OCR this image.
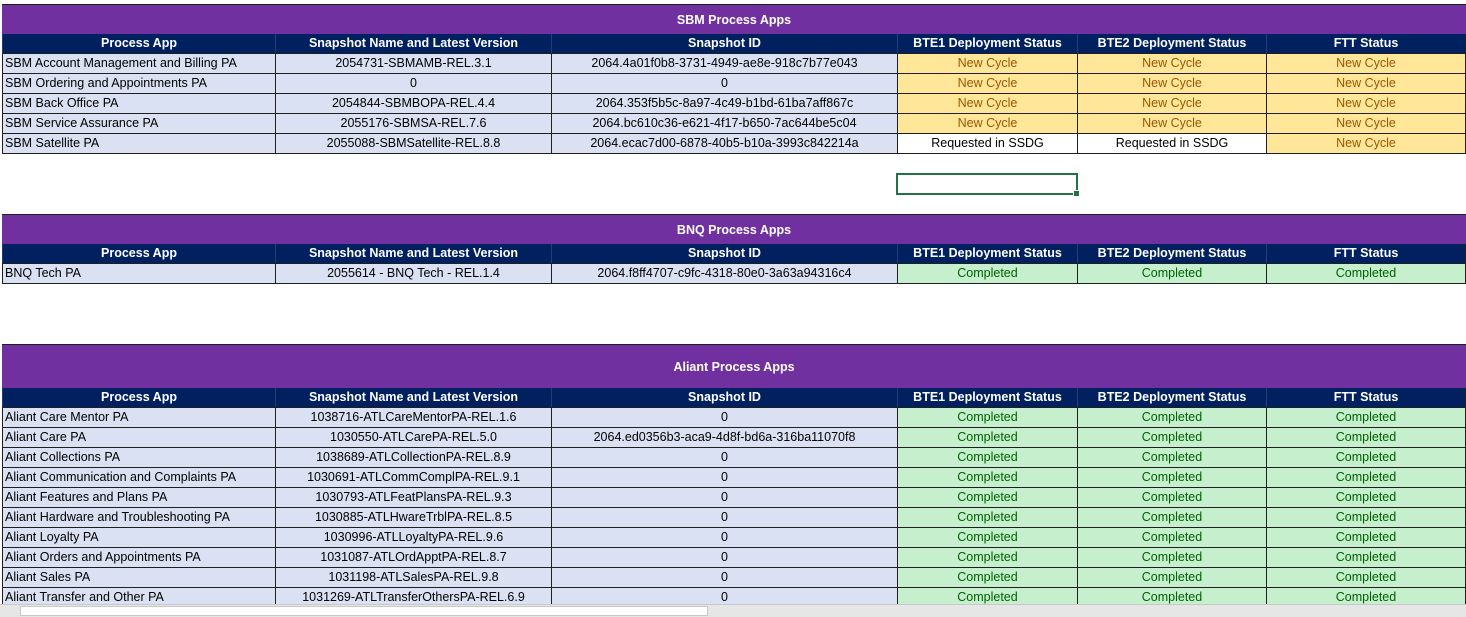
SBM Process Apps
Process App	Snapshot Name and Latest Version	Snapshot ID	BTE1 Deployment Status	BTE2 Deployment Status	FTT Status
SBM Account Management and Billing PA	2054731-SBMAMB-REL.3.1	2064.4a01f0b8-3731-4949-ae8e-918c7b77e043	New Cycle	New Cycle	New Cycle
SBM Ordering and Appointments PA	0	0	New Cycle	New Cycle	New Cycle
SBM Back Office PA	2054844-SBMBOPA-REL.4.4	2064.353f5b5c-8a97-4c49-b1bd-61ba7aff867c	New Cycle	New Cycle	New Cycle
SBM Service Assurance PA	2055176-SBMSA-REL.7.6	2064.bc610c36-e621-4f17-b650-7ac644be5c04	New Cycle	New Cycle	New Cycle
SBM Satellite PA	2055088-SBMSatellite-REL.8.8	2064.ecac7d00-6878-40b5-b10a-3993c842214a	Requested in SSDG	Requested in SSDG	New Cycle
BNQ Process Apps
Process App	Snapshot Name and Latest Version	Snapshot ID	BTE1 Deployment Status	BTE2 Deployment Status	FTT Status
BNQ Tech PA	2055614 - BNQ Tech - REL.1.4	2064.f8ff4707-c9fc-4318-80e0-3a63a94316c4	Completed	Completed	Completed
Aliant Process Apps
Process App	Snapshot Name and Latest Version	Snapshot ID	BTE1 Deployment Status	BTE2 Deployment Status	FTT Status
Aliant Care Mentor PA	1038716-ATLCareMentorPA-REL.1.6	0	Completed	Completed	Completed
Aliant Care PA	1030550-ATLCarePA-REL.5.0	2064.ed0356b3-aca9-4d8f-bd6a-316ba11070f8	Completed	Completed	Completed
Aliant Collections PA	1038689-ATLCollectionPA-REL.8.9	0	Completed	Completed	Completed
Aliant Communication and Complaints PA	1030691-ATLCommComplPA-REL.9.1	0	Completed	Completed	Completed
Aliant Features and Plans PA	1030793-ATLFeatPlansPA-REL.9.3	0	Completed	Completed	Completed
Aliant Hardware and Troubleshooting PA	1030885-ATLHwareTrblPA-REL.8.5	0	Completed	Completed	Completed
Aliant Loyalty PA	1030996-ATLLoyaltyPA-REL.9.6	0	Completed	Completed	Completed
Aliant Orders and Appointments PA	1031087-ATLOrdApptPA-REL.8.7	0	Completed	Completed	Completed
Aliant Sales PA	1031198-ATLSalesPA-REL.9.8	0	Completed	Completed	Completed
Aliant Transfer and Other PA	1031269-ATLTransferOthersPA-REL.6.9	0	Completed	Completed	Completed
